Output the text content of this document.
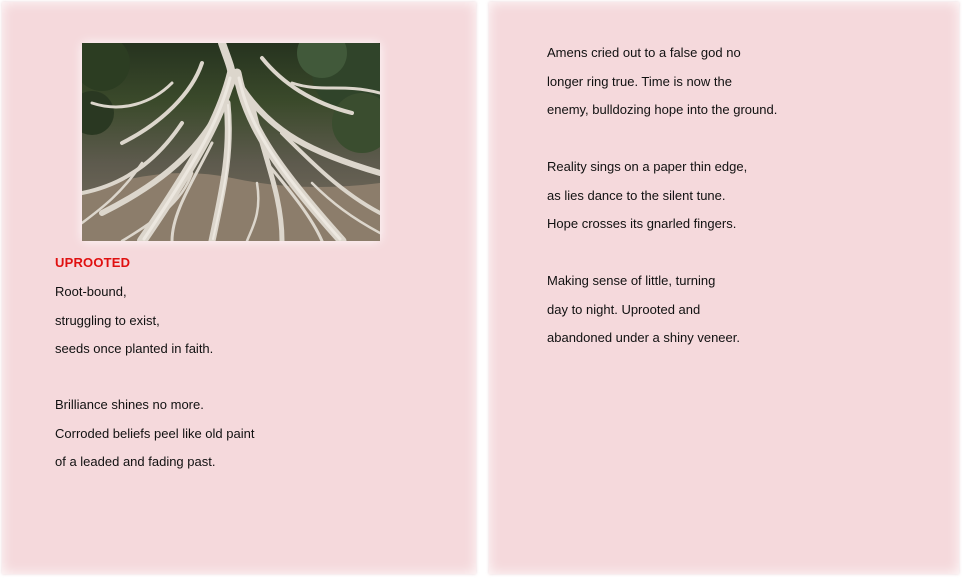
UPROOTED
Root-bound,
struggling to exist,
seeds once planted in faith.
Brilliance shines no more.
Corroded beliefs peel like old paint
of a leaded and fading past.
Amens cried out to a false god no
longer ring true. Time is now the
enemy, bulldozing hope into the ground.
Reality sings on a paper thin edge,
as lies dance to the silent tune.
Hope crosses its gnarled fingers.
Making sense of little, turning
day to night. Uprooted and
abandoned under a shiny veneer.
